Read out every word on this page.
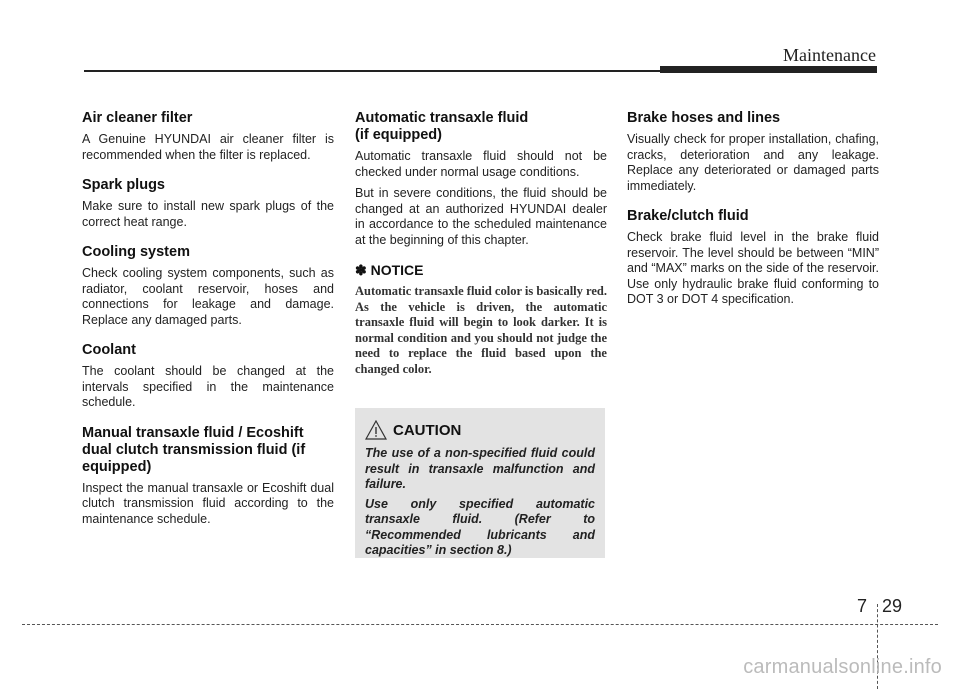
Maintenance
Air cleaner filter

A Genuine HYUNDAI air cleaner filter is recommended when the filter is replaced.

Spark plugs

Make sure to install new spark plugs of the correct heat range.

Cooling system

Check cooling system components, such as radiator, coolant reservoir, hoses and connections for leakage and damage. Replace any damaged parts.

Coolant

The coolant should be changed at the intervals specified in the maintenance schedule.

Manual transaxle fluid / Ecoshift dual clutch transmission fluid (if equipped)

Inspect the manual transaxle or Ecoshift dual clutch transmission fluid according to the maintenance schedule.

Automatic transaxle fluid
(if equipped)

Automatic transaxle fluid should not be checked under normal usage conditions.

But in severe conditions, the fluid should be changed at an authorized HYUNDAI dealer in accordance to the scheduled maintenance at the beginning of this chapter.

✽ NOTICE

Automatic transaxle fluid color is basically red.

As the vehicle is driven, the automatic transaxle fluid will begin to look darker. It is normal condition and you should not judge the need to replace the fluid based upon the changed color.

CAUTION

The use of a non-specified fluid could result in transaxle malfunction and failure.

Use only specified automatic transaxle fluid. (Refer to “Recommended lubricants and capacities” in section 8.)

Brake hoses and lines

Visually check for proper installation, chafing, cracks, deterioration and any leakage. Replace any deteriorated or damaged parts immediately.

Brake/clutch fluid

Check brake fluid level in the brake fluid reservoir. The level should be between “MIN” and “MAX” marks on the side of the reservoir. Use only hydraulic brake fluid conforming to DOT 3 or DOT 4 specification.

7 29
carmanualsonline.info
